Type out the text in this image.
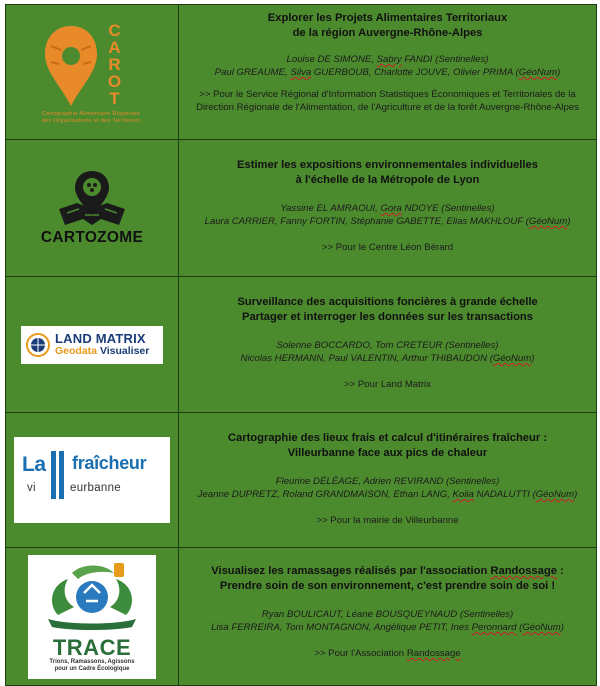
CAROT
Cartographie Alimentaire Régionale
des Organisations et des Territoires
Explorer les Projets Alimentaires Territoriaux
de la région Auvergne-Rhône-Alpes
Louise DE SIMONE, Sabry FANDI (Sentinelles)
Paul GREAUME, Silva GUERBOUB, Charlotte JOUVE, Olivier PRIMA (GéoNum)
>> Pour le Service Régional d'Information Statistiques Économiques et Territoriales de la Direction Régionale de l'Alimentation, de l'Agriculture et de la forêt Auvergne-Rhône-Alpes
CARTOZOME
Estimer les expositions environnementales individuelles
à l'échelle de la Métropole de Lyon
Yassine EL AMRAOUI, Gora NDOYE (Sentinelles)
Laura CARRIER, Fanny FORTIN, Stéphanie GABETTE, Elias MAKHLOUF (GéoNum)
>> Pour le Centre Léon Bérard
LAND MATRIX
Geodata Visualiser
Surveillance des acquisitions foncières à grande échelle
Partager et interroger les données sur les transactions
Solenne BOCCARDO, Tom CRETEUR (Sentinelles)
Nicolas HERMANN, Paul VALENTIN, Arthur THIBAUDON (GéoNum)
>> Pour Land Matrix
La fraîcheur
vi	eurbanne
Cartographie des lieux frais et calcul d'itinéraires fraîcheur :
Villeurbanne face aux pics de chaleur
Fleurine DÉLÉAGE, Adrien REVIRAND (Sentinelles)
Jeanne DUPRETZ, Roland GRANDMAISON, Ethan LANG, Kolia NADALUTTI (GéoNum)
>> Pour la mairie de Villeurbanne
TRACE
Trions, Ramassons, Agissons
pour un Cadre Écologique
Visualisez les ramassages réalisés par l'association Randossage :
Prendre soin de son environnement, c'est prendre soin de soi !
Ryan BOULICAUT, Léane BOUSQUEYNAUD (Sentinelles)
Lisa FERREIRA, Tom MONTAGNON, Angélique PETIT, Ines Peronnard (GéoNum)
>> Pour l'Association Randossage
